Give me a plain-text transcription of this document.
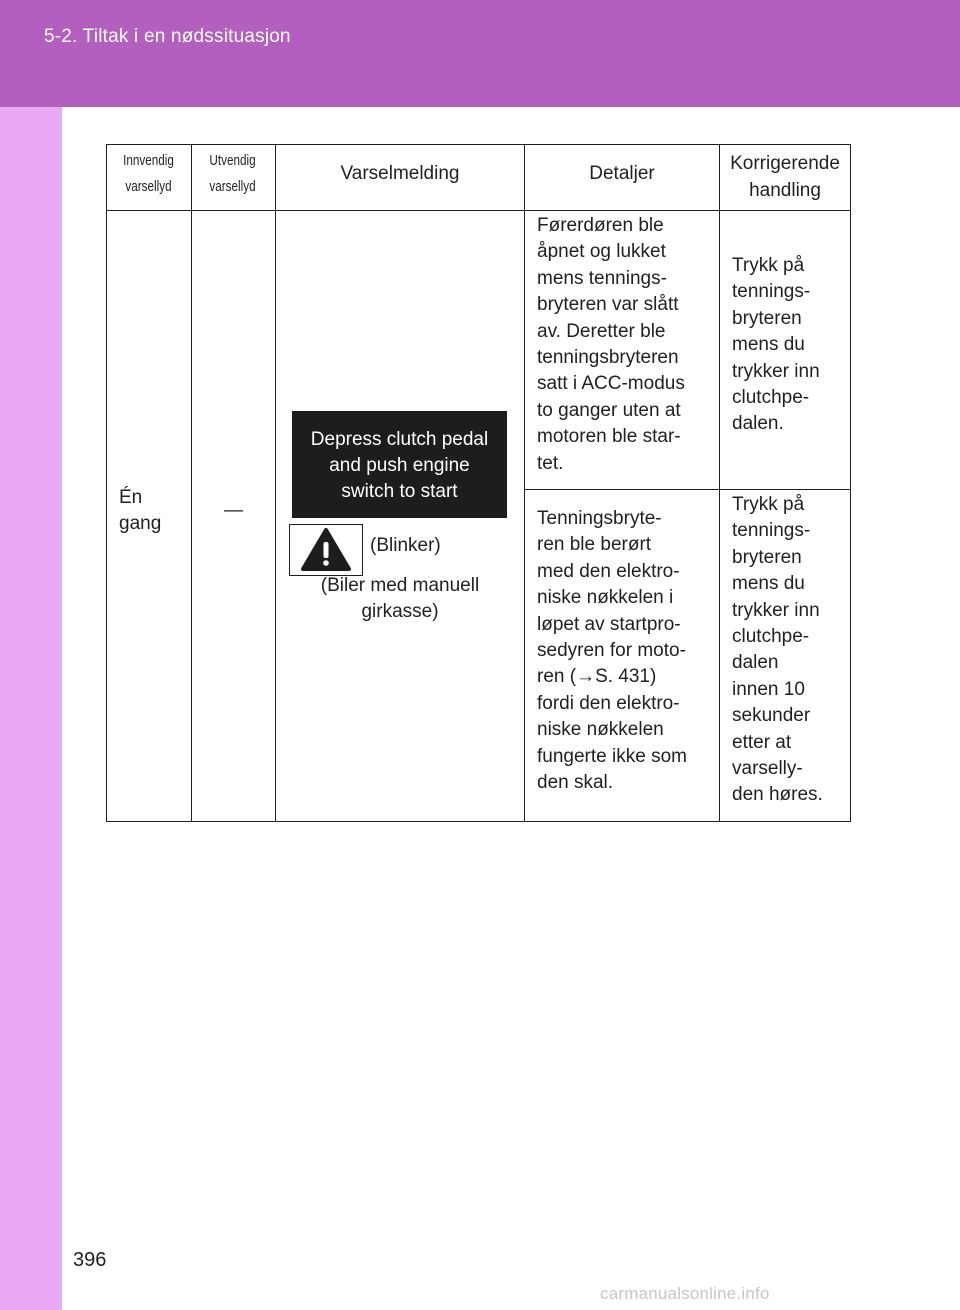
5-2. Tiltak i en nødssituasjon
Innvendig
varsellyd
Utvendig
varsellyd
Varselmelding	Detaljer	Korrigerende
handling
Én
gang
—
Depress clutch pedal
and push engine
switch to start
(Blinker)
(Biler med manuell
girkasse)
Førerdøren ble
åpnet og lukket
mens tennings-
bryteren var slått
av. Deretter ble
tenningsbryteren
satt i ACC-modus
to ganger uten at
motoren ble star-
tet.
Tenningsbryte-
ren ble berørt
med den elektro-
niske nøkkelen i
løpet av startpro-
sedyren for moto-
ren (→S. 431)
fordi den elektro-
niske nøkkelen
fungerte ikke som
den skal.
Trykk på
tennings-
bryteren
mens du
trykker inn
clutchpe-
dalen.
Trykk på
tennings-
bryteren
mens du
trykker inn
clutchpe-
dalen
innen 10
sekunder
etter at
varselly-
den høres.
396
carmanualsonline.info
